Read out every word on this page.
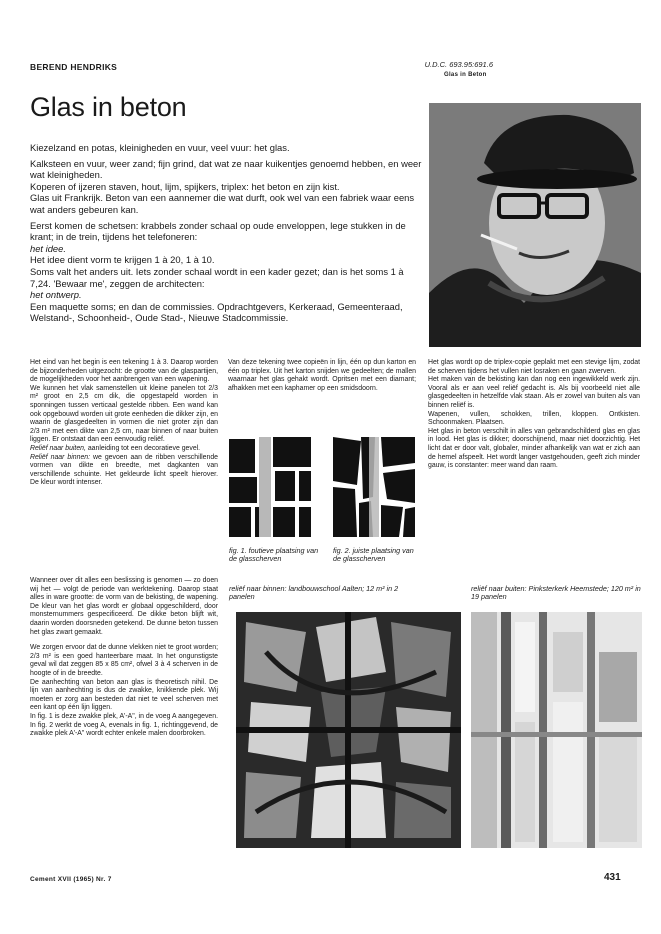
BEREND HENDRIKS	U.D.C. 693.95:691.6
Glas in Beton
Glas in beton

Kiezelzand en potas, kleinigheden en vuur, veel vuur: het glas.

Kalksteen en vuur, weer zand; fijn grind, dat wat ze naar kuikentjes genoemd hebben, en weer wat kleinigheden.

Koperen of ijzeren staven, hout, lijm, spijkers, triplex: het beton en zijn kist.

Glas uit Frankrijk. Beton van een aannemer die wat durft, ook wel van een fabriek waar eens wat anders gebeuren kan.

Eerst komen de schetsen: krabbels zonder schaal op oude enveloppen, lege stukken in de krant; in de trein, tijdens het telefoneren:

het idee.

Het idee dient vorm te krijgen 1 à 20, 1 à 10.

Soms valt het anders uit. Iets zonder schaal wordt in een kader gezet; dan is het soms 1 à 7,24. 'Bewaar me', zeggen de architecten:

het ontwerp.

Een maquette soms; en dan de commissies. Opdrachtgevers, Kerkeraad, Gemeenteraad, Welstand-, Schoonheid-, Oude Stad-, Nieuwe Stadcommissie.

Het eind van het begin is een tekening 1 à 3. Daarop worden de bijzonderheden uitgezocht: de grootte van de glaspartijen, de mogelijkheden voor het aanbrengen van een wapening.

We kunnen het vlak samenstellen uit kleine panelen tot 2/3 m² groot en 2,5 cm dik, die opgestapeld worden in sponningen tussen verticaal gestelde ribben. Een wand kan ook opgebouwd worden uit grote eenheden die dikker zijn, en waarin de glasgedeelten in vormen die niet groter zijn dan 2/3 m² met een dikte van 2,5 cm, naar binnen of naar buiten liggen. Er ontstaat dan een eenvoudig reliëf.

Reliëf naar buiten, aanleiding tot een decoratieve gevel.

Reliëf naar binnen: we gevoen aan de ribben verschillende vormen van dikte en breedte, met dagkanten van verschillende schuinte. Het gekleurde licht speelt hierover. De kleur wordt intenser.

Wanneer over dit alles een beslissing is genomen — zo doen wij het — volgt de periode van werktekening. Daarop staat alles in ware grootte: de vorm van de bekisting, de wapening. De kleur van het glas wordt er globaal opgeschilderd, door monsternummers gespecificeerd. De dikke beton blijft wit, daarin worden doorsneden getekend. De dunne beton tussen het glas zwart gemaakt.

We zorgen ervoor dat de dunne vlekken niet te groot worden; 2/3 m² is een goed hanteerbare maat. In het ongunstigste geval wil dat zeggen 85 x 85 cm², ofwel 3 à 4 scherven in de hoogte of in de breedte.

De aanhechting van beton aan glas is theoretisch nihil. De lijn van aanhechting is dus de zwakke, knikkende plek. Wij moeten er zorg aan besteden dat niet te veel scherven met een kant op één lijn liggen.

In fig. 1 is deze zwakke plek, A'-A", in de voeg A aangegeven. In fig. 2 werkt de voeg A, evenals in fig. 1, richtinggevend, de zwakke plek A'-A" wordt echter enkele malen doorbroken.

Van deze tekening twee copieën in lijn, één op dun karton en één op triplex. Uit het karton snijden we gedeelten; de mallen waarnaar het glas gehakt wordt. Opritsen met een diamant; afhakken met een kaphamer op een smidsdoorn.

Het glas wordt op de triplex-copie geplakt met een stevige lijm, zodat de scherven tijdens het vullen niet losraken en gaan zwerven.

Het maken van de bekisting kan dan nog een ingewikkeld werk zijn. Vooral als er aan veel reliëf gedacht is. Als bij voorbeeld niet alle glasgedeelten in hetzelfde vlak staan. Als er zowel van buiten als van binnen reliëf is.

Wapenen, vullen, schokken, trillen, kloppen. Ontkisten. Schoonmaken. Plaatsen.

Het glas in beton verschilt in alles van gebrandschilderd glas en glas in lood. Het glas is dikker; doorschijnend, maar niet doorzichtig. Het licht dat er door valt, globaler, minder afhankelijk van wat er zich aan de hemel afspeelt. Het wordt langer vastgehouden, geeft zich minder gauw, is constanter: meer wand dan raam.

fig. 1. foutieve plaatsing van de glasscherven
fig. 2. juiste plaatsing van de glasscherven
reliëf naar binnen: landbouwschool Aalten; 12 m² in 2 panelen
reliëf naar buiten: Pinksterkerk Heemstede; 120 m² in 19 panelen
Cement XVII (1965) Nr. 7	431
